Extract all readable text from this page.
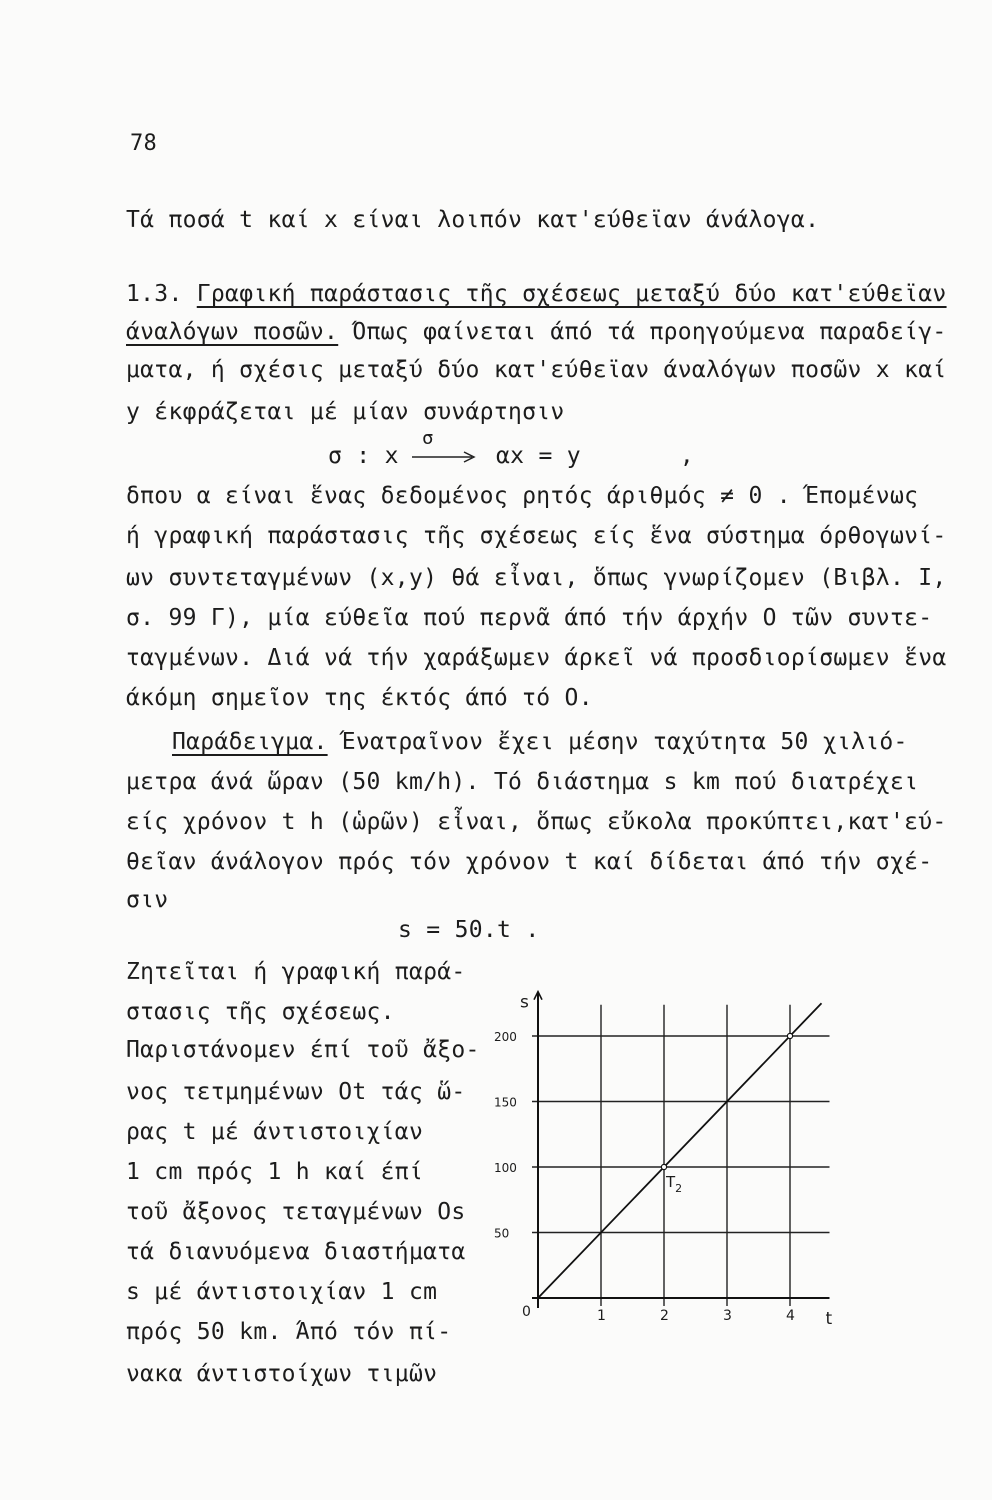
78
Τά ποσά t καί x είναι λοιπόν κατ'εύθεϊαν άνάλογα.
1.3. Γραφική παράστασις τῆς σχέσεως μεταξύ δύο κατ'εύθεϊαν
άναλόγων ποσῶν. Όπως φαίνεται άπό τά προηγούμενα παραδείγ-
ματα, ή σχέσις μεταξύ δύο κατ'εύθεϊαν άναλόγων ποσῶν x καί
y έκφράζεται μέ μίαν συνάρτησιν
σ
σ : x	αx = y       ,
δπου α είναι ἕνας δεδομένος ρητός άριθμός ≠ 0 . Έπομένως
ή γραφική παράστασις τῆς σχέσεως είς ἕνα σύστημα όρθογωνί-
ων συντεταγμένων (x,y) θά εἶναι, ὅπως γνωρίζομεν (Βιβλ. Ι,
σ. 99 Γ), μία εύθεῖα πού περνᾶ άπό τήν άρχήν Ο τῶν συντε-
ταγμένων. Διά νά τήν χαράξωμεν άρκεῖ νά προσδιορίσωμεν ἕνα
άκόμη σημεῖον της έκτός άπό τό Ο.
Παράδειγμα. Ένατραῖνον ἔχει μέσην ταχύτητα 50 χιλιό-
μετρα άνά ὥραν (50 km/h). Τό διάστημα s km πού διατρέχει
είς χρόνον t h (ὡρῶν) εἶναι, ὅπως εὔκολα προκύπτει,κατ'εύ-
θεῖαν άνάλογον πρός τόν χρόνον t καί δίδεται άπό τήν σχέ-
σιν
s = 50.t .
Ζητεῖται ή γραφική παρά-
στασις τῆς σχέσεως.
Παριστάνομεν έπί τοῦ ἄξο-
νος τετμημένων Οt τάς ὥ-
ρας t μέ άντιστοιχίαν
1 cm πρός 1 h καί έπί
τοῦ ἄξονος τεταγμένων Οs
τά διανυόμενα διαστήματα
s μέ άντιστοιχίαν 1 cm
πρός 50 km. Άπό τόν πί-
νακα άντιστοίχων τιμῶν
s
t
0	1	2	3	4
50
100
150
200
$T_2$
